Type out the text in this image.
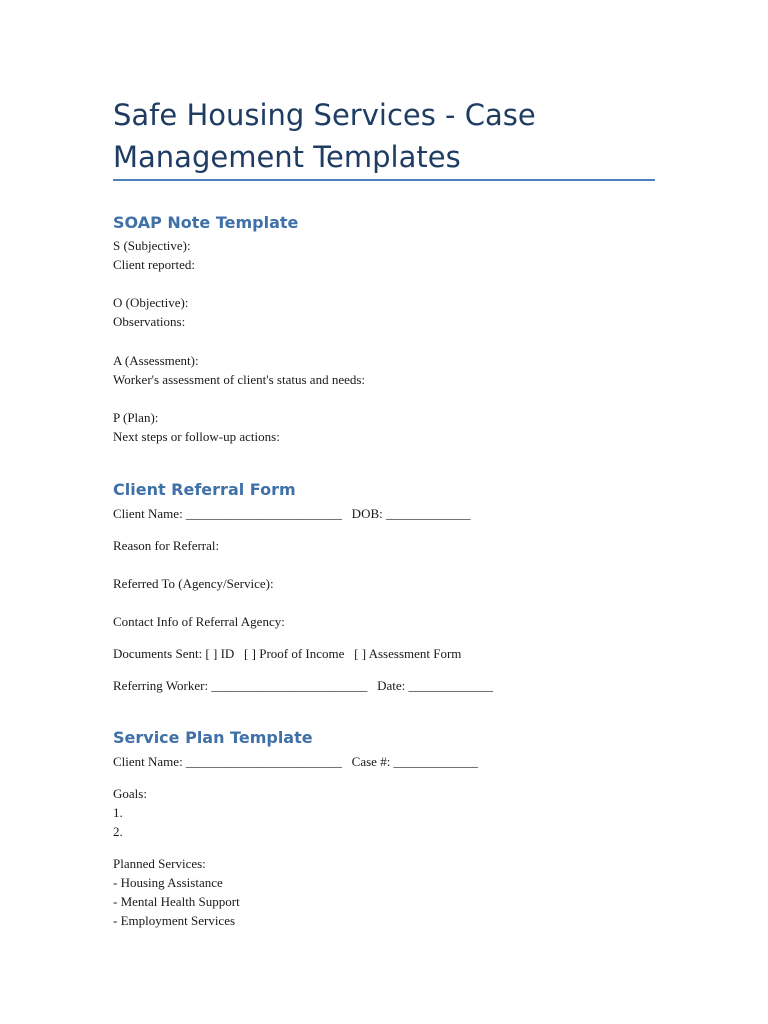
Safe Housing Services - Case
Management Templates
SOAP Note Template
S (Subjective):
Client reported:
O (Objective):
Observations:
A (Assessment):
Worker's assessment of client's status and needs:
P (Plan):
Next steps or follow-up actions:
Client Referral Form
Client Name: ________________________   DOB: _____________
Reason for Referral:
Referred To (Agency/Service):
Contact Info of Referral Agency:
Documents Sent: [ ] ID   [ ] Proof of Income   [ ] Assessment Form
Referring Worker: ________________________   Date: _____________
Service Plan Template
Client Name: ________________________   Case #: _____________
Goals:
1.
2.
Planned Services:
- Housing Assistance
- Mental Health Support
- Employment Services
